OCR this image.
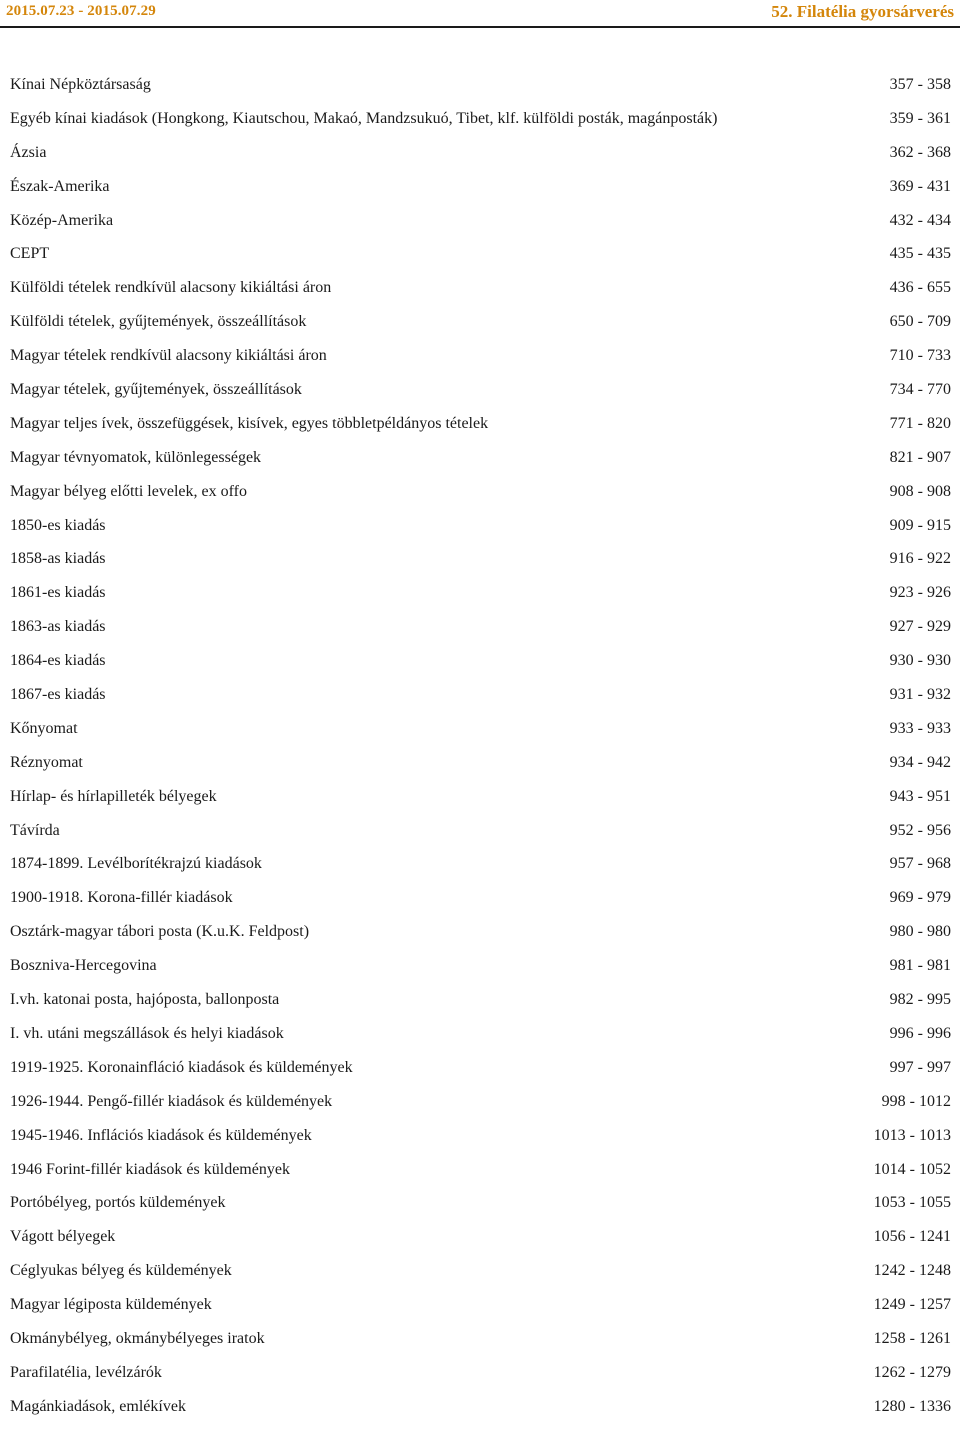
2015.07.23 - 2015.07.29	52. Filatélia gyorsárverés
Kínai Népköztársaság	357 - 358
Egyéb kínai kiadások (Hongkong, Kiautschou, Makaó, Mandzsukuó, Tibet, klf. külföldi posták, magánposták)	359 - 361
Ázsia	362 - 368
Észak-Amerika	369 - 431
Közép-Amerika	432 - 434
CEPT	435 - 435
Külföldi tételek rendkívül alacsony kikiáltási áron	436 - 655
Külföldi tételek, gyűjtemények, összeállítások	650 - 709
Magyar tételek rendkívül alacsony kikiáltási áron	710 - 733
Magyar tételek, gyűjtemények, összeállítások	734 - 770
Magyar teljes ívek, összefüggések, kisívek, egyes többletpéldányos tételek	771 - 820
Magyar tévnyomatok, különlegességek	821 - 907
Magyar bélyeg előtti levelek, ex offo	908 - 908
1850-es kiadás	909 - 915
1858-as kiadás	916 - 922
1861-es kiadás	923 - 926
1863-as kiadás	927 - 929
1864-es kiadás	930 - 930
1867-es kiadás	931 - 932
Kőnyomat	933 - 933
Réznyomat	934 - 942
Hírlap- és hírlapilleték bélyegek	943 - 951
Távírda	952 - 956
1874-1899. Levélborítékrajzú kiadások	957 - 968
1900-1918. Korona-fillér kiadások	969 - 979
Osztárk-magyar tábori posta (K.u.K. Feldpost)	980 - 980
Boszniva-Hercegovina	981 - 981
I.vh. katonai posta, hajóposta, ballonposta	982 - 995
I. vh. utáni megszállások és helyi kiadások	996 - 996
1919-1925. Koronainfláció kiadások és küldemények	997 - 997
1926-1944. Pengő-fillér kiadások és küldemények	998 - 1012
1945-1946. Inflációs kiadások és küldemények	1013 - 1013
1946 Forint-fillér kiadások és küldemények	1014 - 1052
Portóbélyeg, portós küldemények	1053 - 1055
Vágott bélyegek	1056 - 1241
Céglyukas bélyeg és küldemények	1242 - 1248
Magyar légiposta küldemények	1249 - 1257
Okmánybélyeg, okmánybélyeges iratok	1258 - 1261
Parafilatélia, levélzárók	1262 - 1279
Magánkiadások, emlékívek	1280 - 1336
